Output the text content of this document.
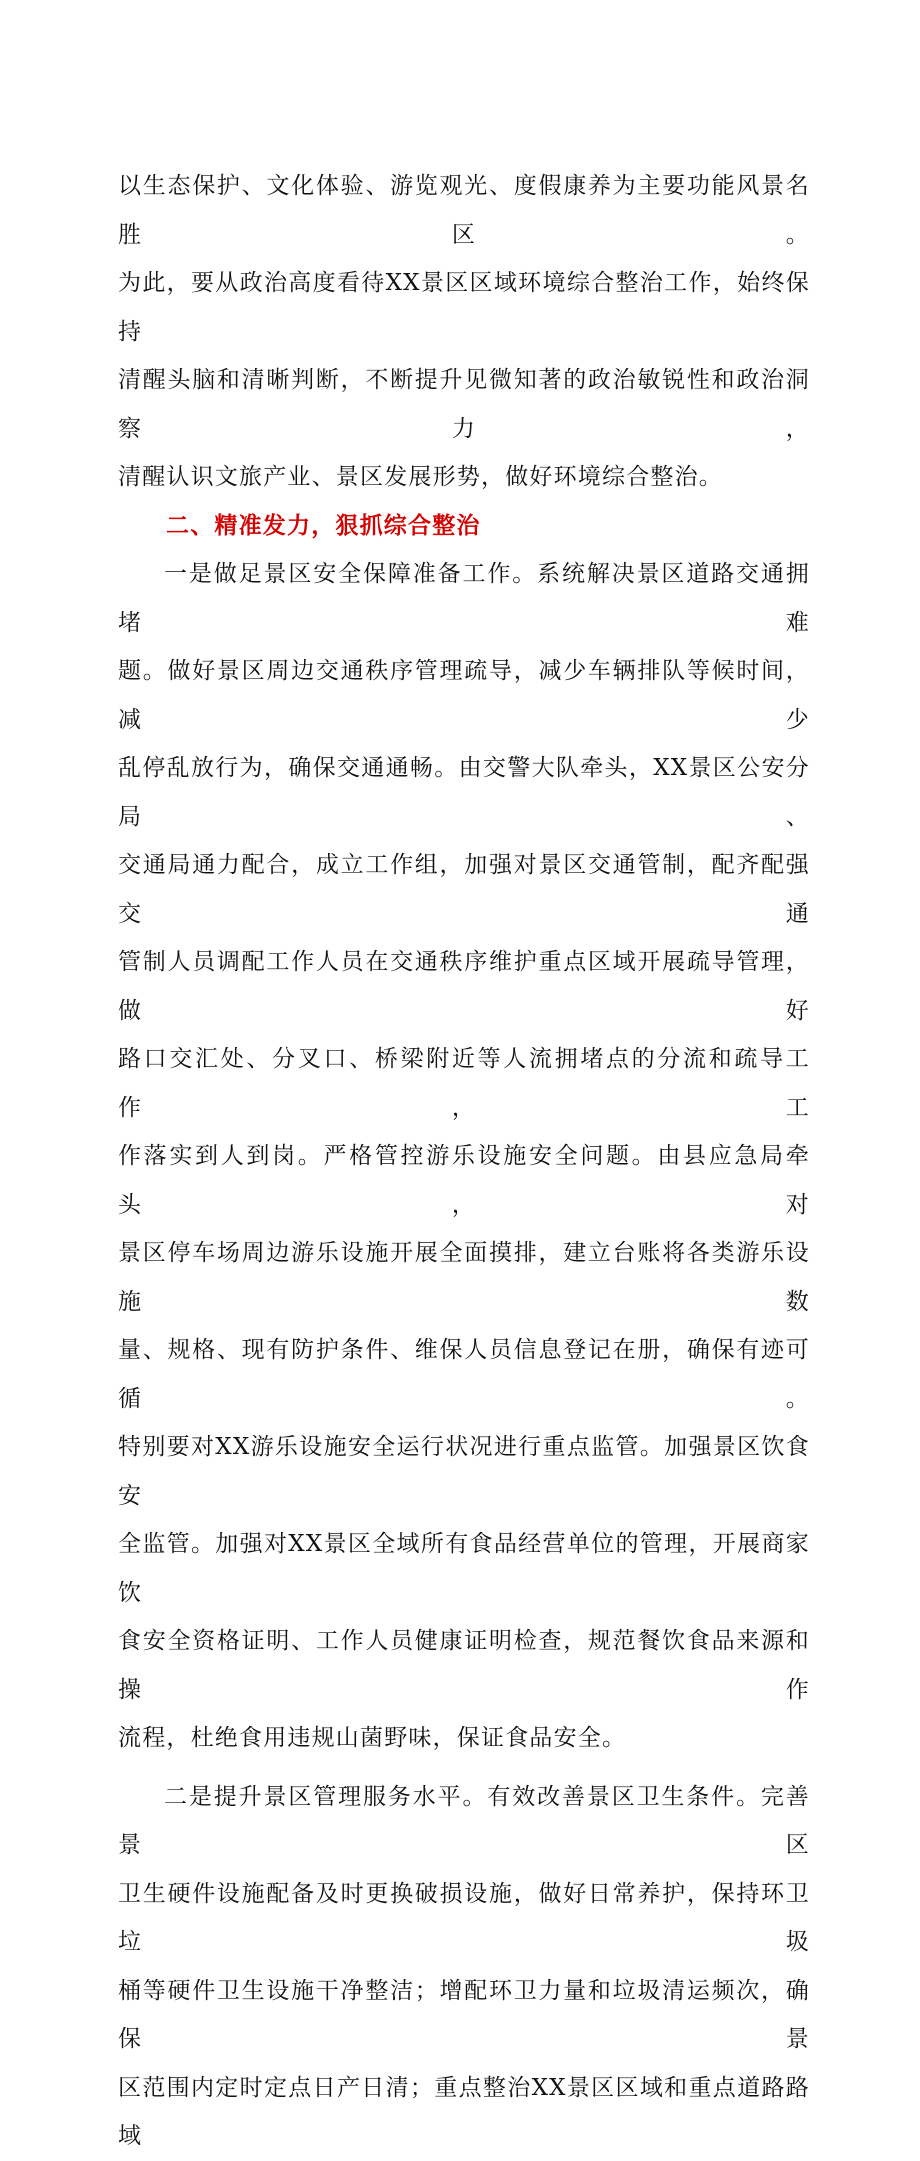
以生态保护、文化体验、游览观光、度假康养为主要功能风景名胜区。

为此，要从政治高度看待XX景区区域环境综合整治工作，始终保持

清醒头脑和清晰判断，不断提升见微知著的政治敏锐性和政治洞察力，

清醒认识文旅产业、景区发展形势，做好环境综合整治。

二、精准发力，狠抓综合整治

一是做足景区安全保障准备工作。系统解决景区道路交通拥堵难

题。做好景区周边交通秩序管理疏导，减少车辆排队等候时间，减少

乱停乱放行为，确保交通通畅。由交警大队牵头，XX景区公安分局、

交通局通力配合，成立工作组，加强对景区交通管制，配齐配强交通

管制人员调配工作人员在交通秩序维护重点区域开展疏导管理，做好

路口交汇处、分叉口、桥梁附近等人流拥堵点的分流和疏导工作，工

作落实到人到岗。严格管控游乐设施安全问题。由县应急局牵头，对

景区停车场周边游乐设施开展全面摸排，建立台账将各类游乐设施数

量、规格、现有防护条件、维保人员信息登记在册，确保有迹可循。

特别要对XX游乐设施安全运行状况进行重点监管。加强景区饮食安

全监管。加强对XX景区全域所有食品经营单位的管理，开展商家饮

食安全资格证明、工作人员健康证明检查，规范餐饮食品来源和操作

流程，杜绝食用违规山菌野味，保证食品安全。

二是提升景区管理服务水平。有效改善景区卫生条件。完善景区

卫生硬件设施配备及时更换破损设施，做好日常养护，保持环卫垃圾

桶等硬件卫生设施干净整洁；增配环卫力量和垃圾清运频次，确保景

区范围内定时定点日产日清；重点整治XX景区区域和重点道路路域
